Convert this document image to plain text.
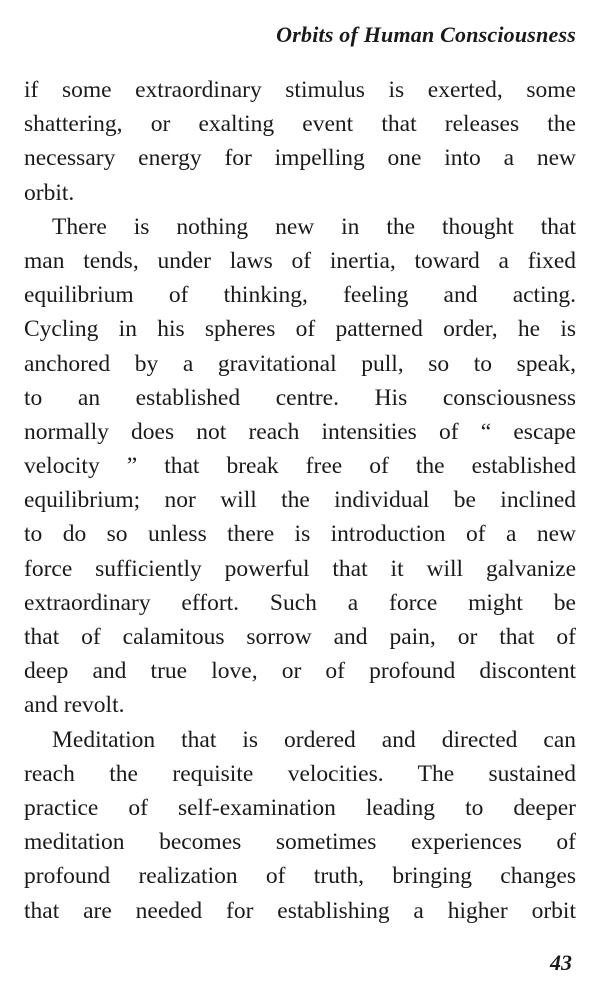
Orbits of Human Consciousness
if some extraordinary stimulus is exerted, some
shattering, or exalting event that releases the
necessary energy for impelling one into a new
orbit.
There is nothing new in the thought that
man tends, under laws of inertia, toward a fixed
equilibrium of thinking, feeling and acting.
Cycling in his spheres of patterned order, he is
anchored by a gravitational pull, so to speak,
to an established centre. His consciousness
normally does not reach intensities of “ escape
velocity ” that break free of the established
equilibrium; nor will the individual be inclined
to do so unless there is introduction of a new
force sufficiently powerful that it will galvanize
extraordinary effort. Such a force might be
that of calamitous sorrow and pain, or that of
deep and true love, or of profound discontent
and revolt.
Meditation that is ordered and directed can
reach the requisite velocities. The sustained
practice of self-examination leading to deeper
meditation becomes sometimes experiences of
profound realization of truth, bringing changes
that are needed for establishing a higher orbit
43
